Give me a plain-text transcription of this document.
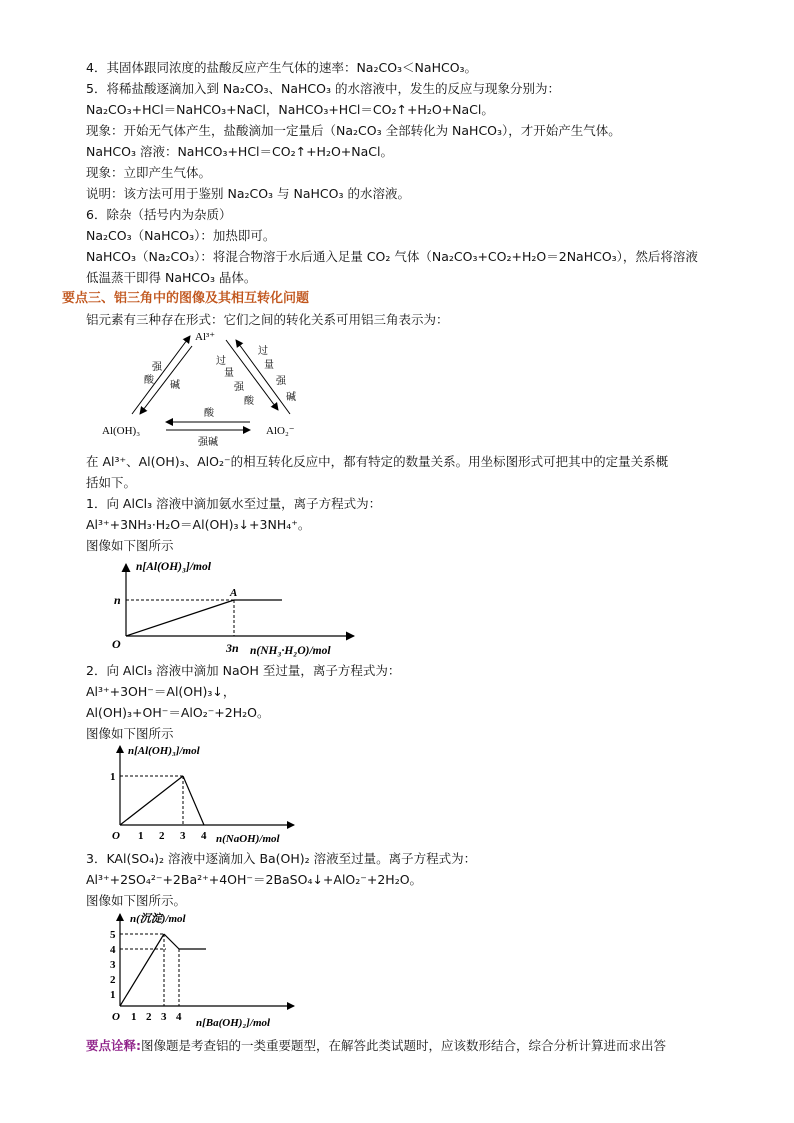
4．其固体跟同浓度的盐酸反应产生气体的速率：Na₂CO₃＜NaHCO₃。
5．将稀盐酸逐滴加入到 Na₂CO₃、NaHCO₃ 的水溶液中，发生的反应与现象分别为：
Na₂CO₃+HCl＝NaHCO₃+NaCl，NaHCO₃+HCl＝CO₂↑+H₂O+NaCl。
现象：开始无气体产生，盐酸滴加一定量后（Na₂CO₃ 全部转化为 NaHCO₃），才开始产生气体。
NaHCO₃ 溶液：NaHCO₃+HCl＝CO₂↑+H₂O+NaCl。
现象：立即产生气体。
说明：该方法可用于鉴别 Na₂CO₃ 与 NaHCO₃ 的水溶液。
6．除杂（括号内为杂质）
Na₂CO₃（NaHCO₃）：加热即可。
NaHCO₃（Na₂CO₃）：将混合物溶于水后通入足量 CO₂ 气体（Na₂CO₃+CO₂+H₂O＝2NaHCO₃），然后将溶液
低温蒸干即得 NaHCO₃ 晶体。
要点三、铝三角中的图像及其相互转化问题
铝元素有三种存在形式：它们之间的转化关系可用铝三角表示为：
Al³⁺
Al(OH)₃	AlO₂⁻
强
酸 碱
过
量
强
碱
过
量
强
酸
酸
强碱
在 Al³⁺、Al(OH)₃、AlO₂⁻的相互转化反应中，都有特定的数量关系。用坐标图形式可把其中的定量关系概
括如下。
1．向 AlCl₃ 溶液中滴加氨水至过量，离子方程式为：
Al³⁺+3NH₃·H₂O＝Al(OH)₃↓+3NH₄⁺。
图像如下图所示
n[Al(OH)₃]/mol
O
n	A
3n n(NH₃·H₂O)/mol
2．向 AlCl₃ 溶液中滴加 NaOH 至过量，离子方程式为：
Al³⁺+3OH⁻＝Al(OH)₃↓，
Al(OH)₃+OH⁻＝AlO₂⁻+2H₂O。
图像如下图所示
n[Al(OH)₃]/mol
1
O 1 2 3 4 n(NaOH)/mol
3．KAl(SO₄)₂ 溶液中逐滴加入 Ba(OH)₂ 溶液至过量。离子方程式为：
Al³⁺+2SO₄²⁻+2Ba²⁺+4OH⁻＝2BaSO₄↓+AlO₂⁻+2H₂O。
图像如下图所示。
n(沉淀)/mol
1
2
3
4
5
O 1 2 3 4 n[Ba(OH)₂]/mol
要点诠释:图像题是考查铝的一类重要题型，在解答此类试题时，应该数形结合，综合分析计算进而求出答
